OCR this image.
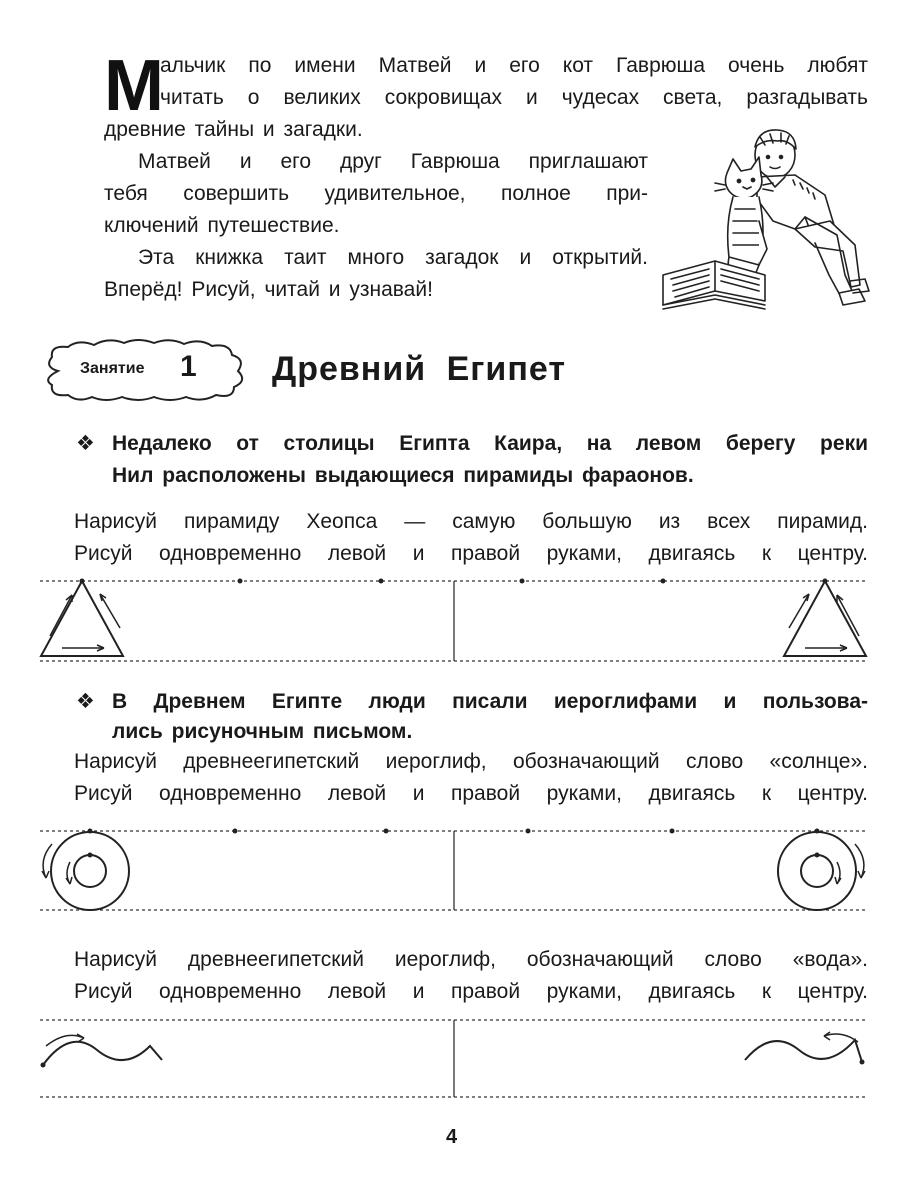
М
альчик по имени Матвей и его кот Гаврюша очень любят
читать о великих сокровищах и чудесах света, разгадывать
древние тайны и загадки.
Матвей и его друг Гаврюша приглашают
тебя совершить удивительное, полное при-
ключений путешествие.
Эта книжка таит много загадок и открытий.
Вперёд! Рисуй, читай и узнавай!
Занятие 1 Древний Египет
❖ Недалеко от столицы Египта Каира, на левом берегу реки
Нил расположены выдающиеся пирамиды фараонов.
Нарисуй пирамиду Хеопса — самую большую из всех пирамид.
Рисуй одновременно левой и правой руками, двигаясь к центру.
❖ В Древнем Египте люди писали иероглифами и пользова-
лись рисуночным письмом.
Нарисуй древнеегипетский иероглиф, обозначающий слово «солнце».
Рисуй одновременно левой и правой руками, двигаясь к центру.
Нарисуй древнеегипетский иероглиф, обозначающий слово «вода».
Рисуй одновременно левой и правой руками, двигаясь к центру.
4
